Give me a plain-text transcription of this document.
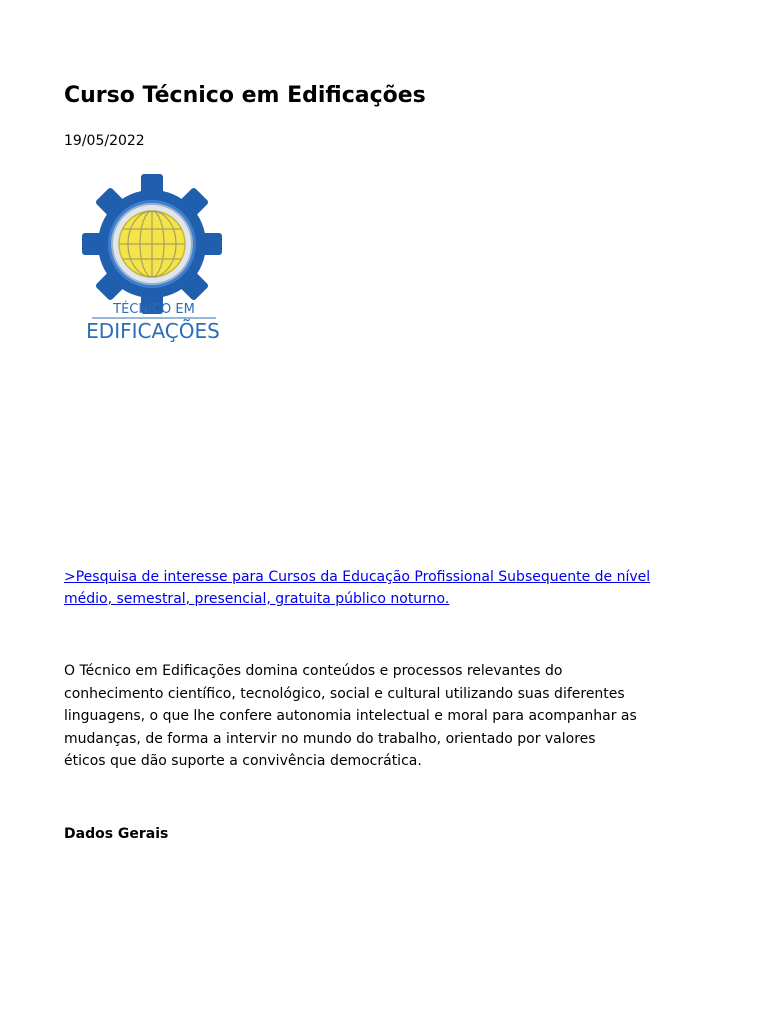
Curso Técnico em Edificações
19/05/2022
TÉCNICO EM
EDIFICAÇÕES
>Pesquisa de interesse para Cursos da Educação Profissional Subsequente de nível médio, semestral, presencial, gratuita público noturno.
O Técnico em Edificações domina conteúdos e processos relevantes do
conhecimento científico, tecnológico, social e cultural utilizando suas diferentes
linguagens, o que lhe confere autonomia intelectual e moral para acompanhar as
mudanças, de forma a intervir no mundo do trabalho, orientado por valores
éticos que dão suporte a convivência democrática.
Dados Gerais
